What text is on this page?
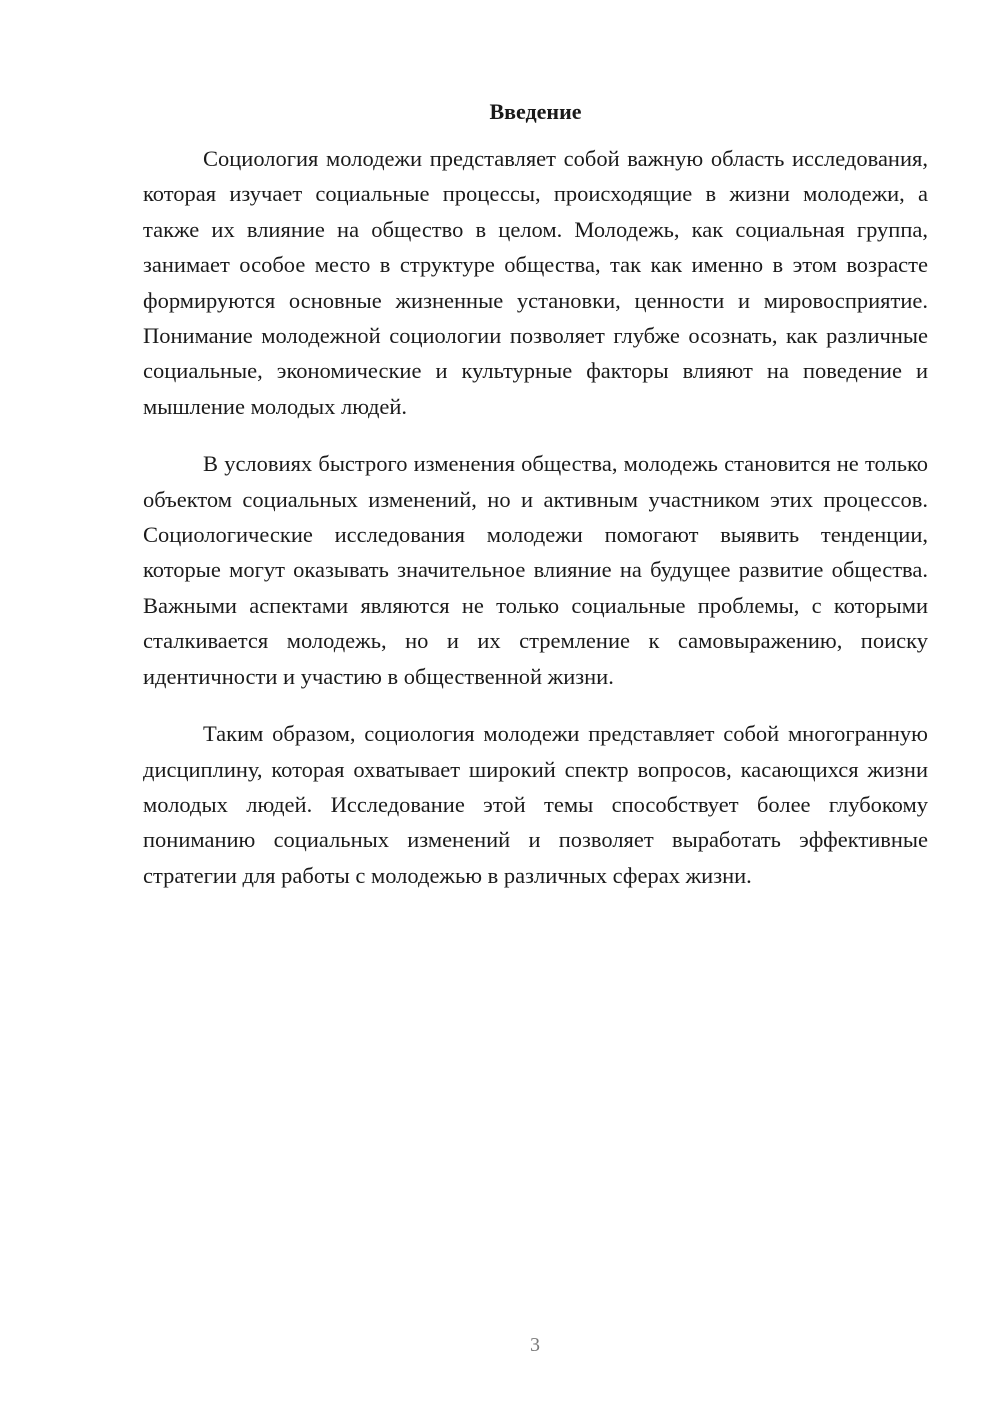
Введение

Социология молодежи представляет собой важную область исследования, которая изучает социальные процессы, происходящие в жизни молодежи, а также их влияние на общество в целом. Молодежь, как социальная группа, занимает особое место в структуре общества, так как именно в этом возрасте формируются основные жизненные установки, ценности и мировосприятие. Понимание молодежной социологии позволяет глубже осознать, как различные социальные, экономические и культурные факторы влияют на поведение и мышление молодых людей.

В условиях быстрого изменения общества, молодежь становится не только объектом социальных изменений, но и активным участником этих процессов. Социологические исследования молодежи помогают выявить тенденции, которые могут оказывать значительное влияние на будущее развитие общества. Важными аспектами являются не только социальные проблемы, с которыми сталкивается молодежь, но и их стремление к самовыражению, поиску идентичности и участию в общественной жизни.

Таким образом, социология молодежи представляет собой многогранную дисциплину, которая охватывает широкий спектр вопросов, касающихся жизни молодых людей. Исследование этой темы способствует более глубокому пониманию социальных изменений и позволяет выработать эффективные стратегии для работы с молодежью в различных сферах жизни.

3
